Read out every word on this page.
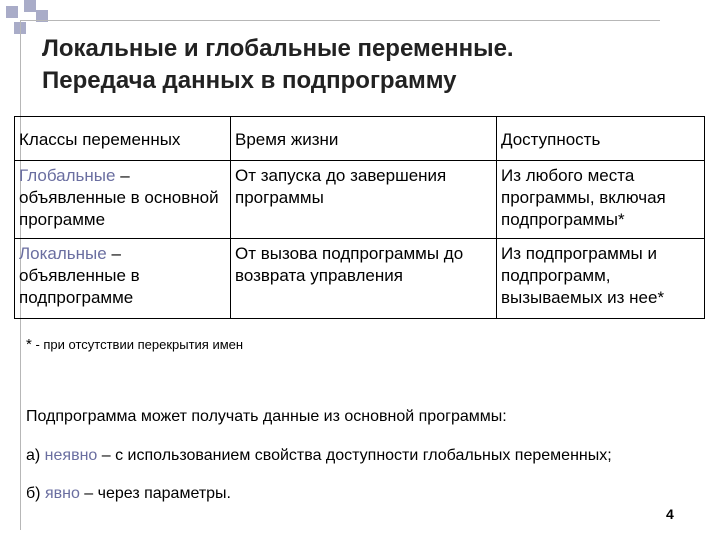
Локальные и глобальные переменные.
Передача данных в подпрограмму
Классы переменных	Время жизни	Доступность
Глобальные – объявленные в основной программе	От запуска до завершения программы	Из любого места программы, включая подпрограммы*
Локальные – объявленные в подпрограмме	От вызова подпрограммы до возврата управления	Из подпрограммы и подпрограмм, вызываемых из нее*
* - при отсутствии перекрытия имен
Подпрограмма может получать данные из основной программы:
а) неявно – с использованием свойства доступности глобальных переменных;
б) явно – через параметры.
4
